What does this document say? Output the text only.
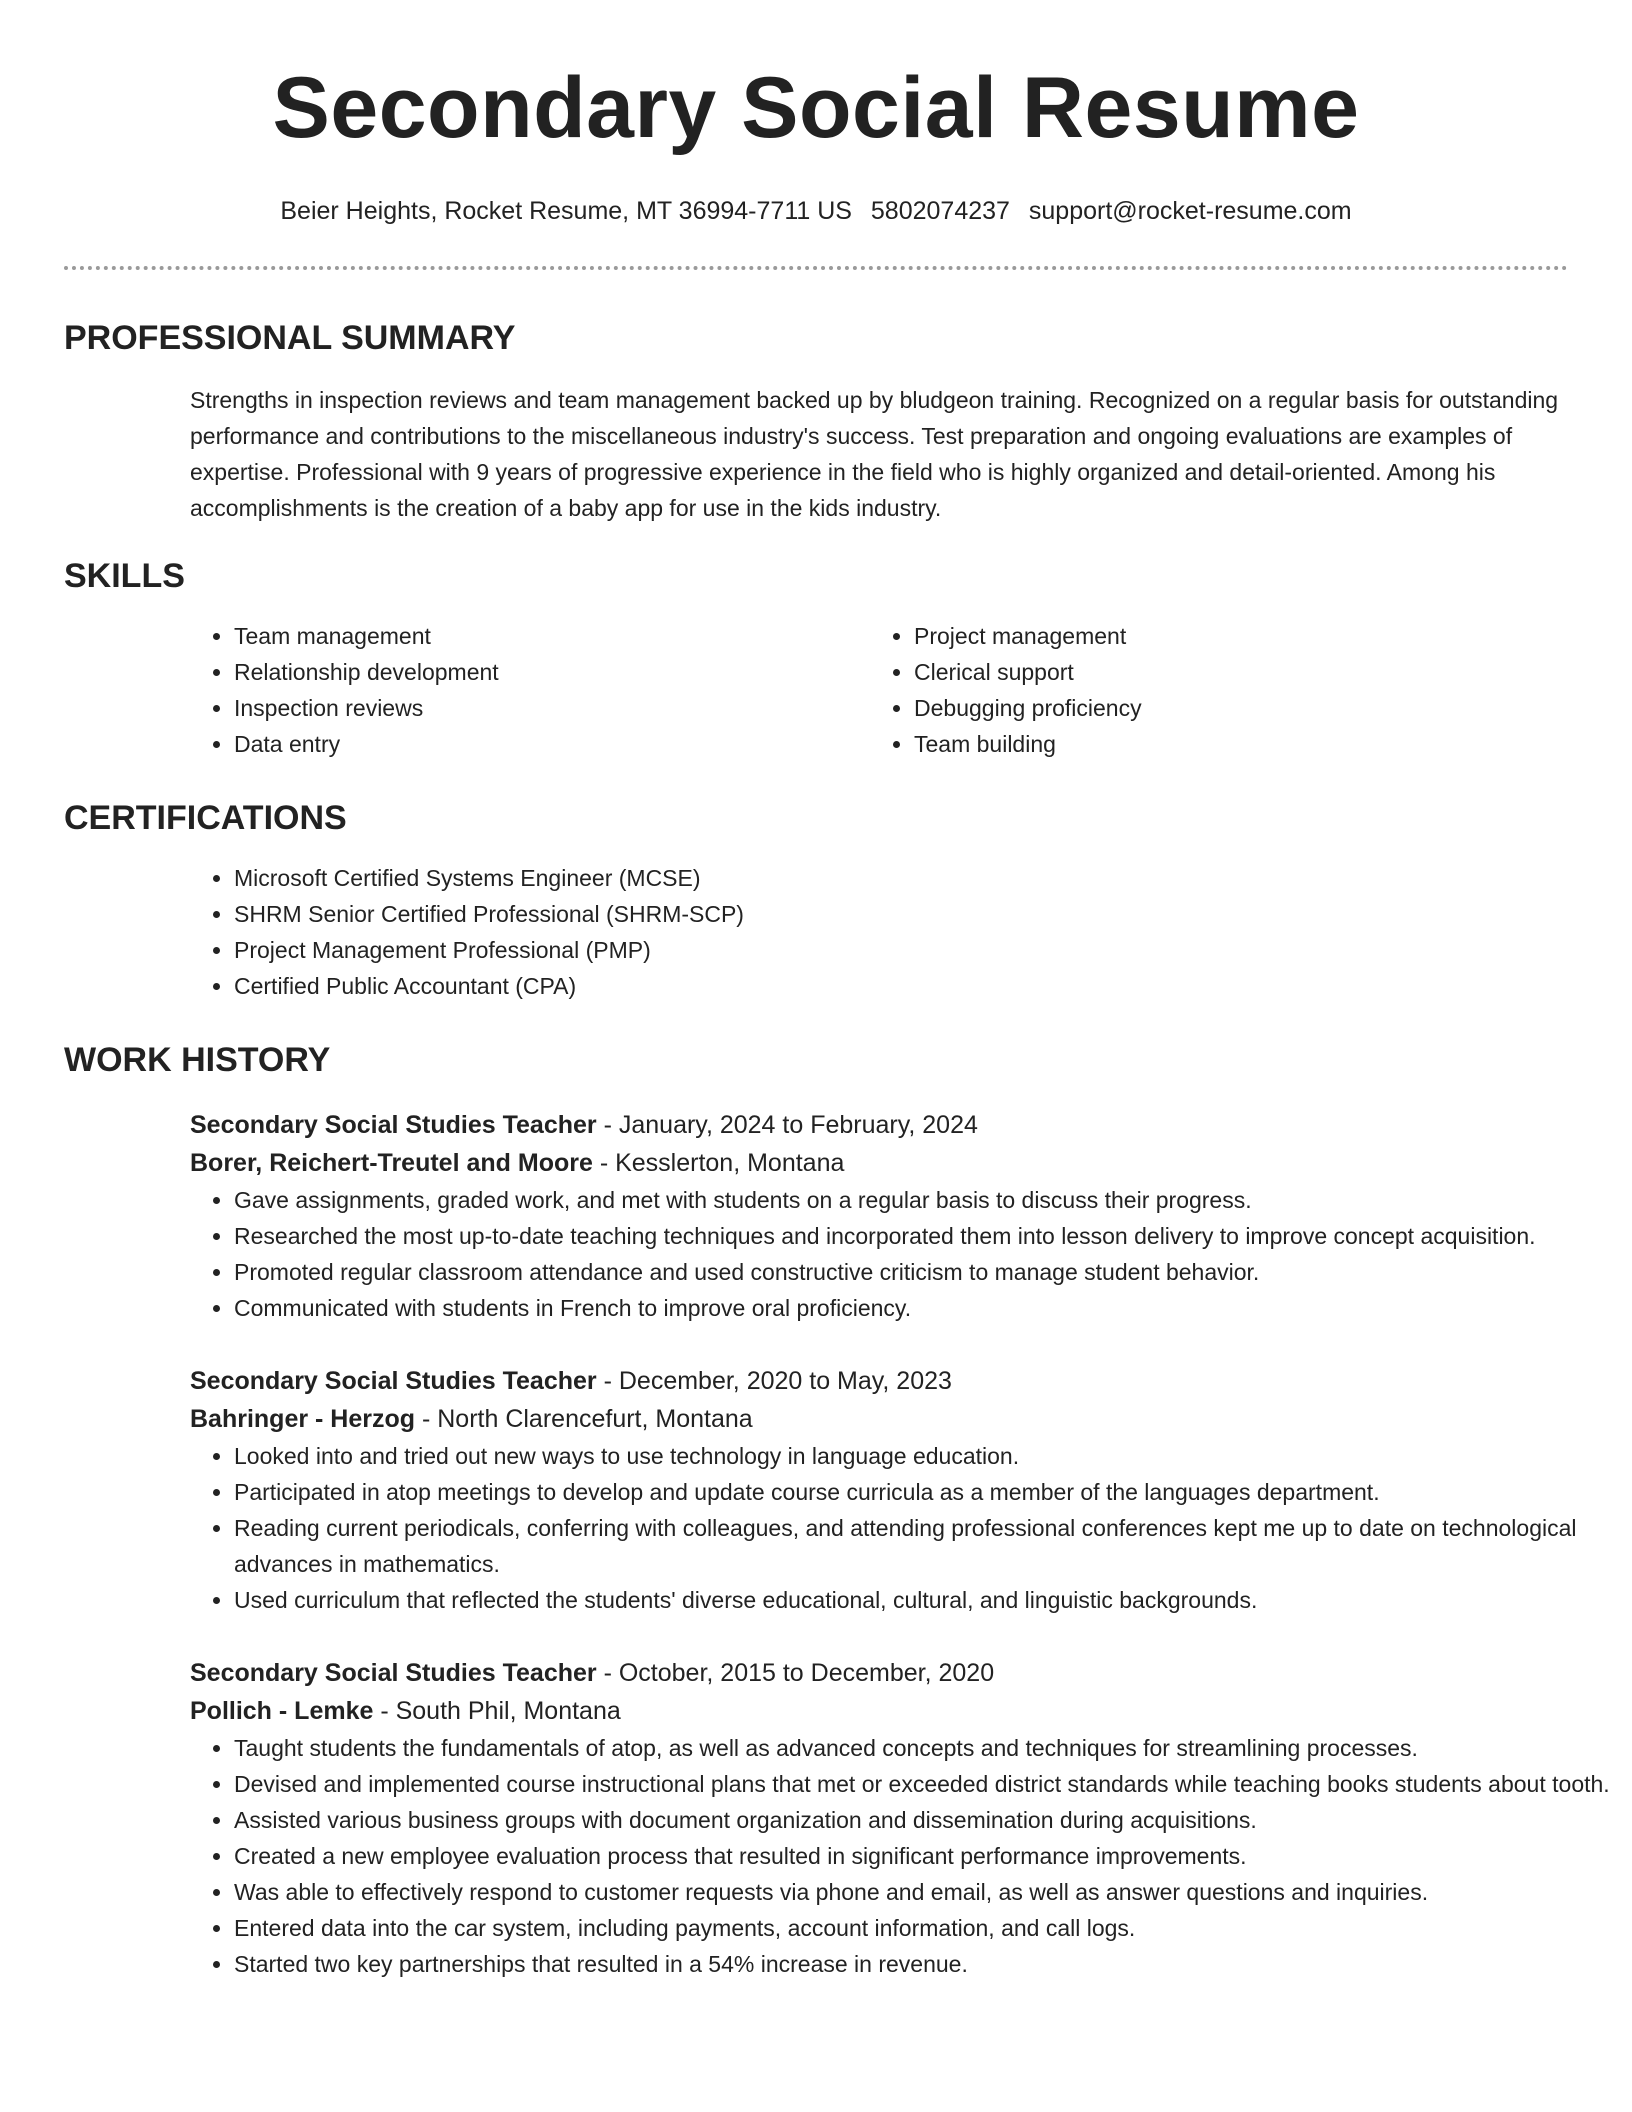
Secondary Social Resume
Beier Heights, Rocket Resume, MT 36994-7711 US 5802074237 support@rocket-resume.com
PROFESSIONAL SUMMARY

Strengths in inspection reviews and team management backed up by bludgeon training. Recognized on a regular basis for outstanding performance and contributions to the miscellaneous industry's success. Test preparation and ongoing evaluations are examples of expertise. Professional with 9 years of progressive experience in the field who is highly organized and detail-oriented. Among his accomplishments is the creation of a baby app for use in the kids industry.

SKILLS
• Team management
• Relationship development
• Inspection reviews
• Data entry
• Project management
• Clerical support
• Debugging proficiency
• Team building
CERTIFICATIONS
• Microsoft Certified Systems Engineer (MCSE)
• SHRM Senior Certified Professional (SHRM-SCP)
• Project Management Professional (PMP)
• Certified Public Accountant (CPA)
WORK HISTORY
Secondary Social Studies Teacher - January, 2024 to February, 2024
Borer, Reichert-Treutel and Moore - Kesslerton, Montana
• Gave assignments, graded work, and met with students on a regular basis to discuss their progress.
• Researched the most up-to-date teaching techniques and incorporated them into lesson delivery to improve concept acquisition.
• Promoted regular classroom attendance and used constructive criticism to manage student behavior.
• Communicated with students in French to improve oral proficiency.
Secondary Social Studies Teacher - December, 2020 to May, 2023
Bahringer - Herzog - North Clarencefurt, Montana
• Looked into and tried out new ways to use technology in language education.
• Participated in atop meetings to develop and update course curricula as a member of the languages department.
• Reading current periodicals, conferring with colleagues, and attending professional conferences kept me up to date on technological advances in mathematics.
• Used curriculum that reflected the students' diverse educational, cultural, and linguistic backgrounds.
Secondary Social Studies Teacher - October, 2015 to December, 2020
Pollich - Lemke - South Phil, Montana
• Taught students the fundamentals of atop, as well as advanced concepts and techniques for streamlining processes.
• Devised and implemented course instructional plans that met or exceeded district standards while teaching books students about tooth.
• Assisted various business groups with document organization and dissemination during acquisitions.
• Created a new employee evaluation process that resulted in significant performance improvements.
• Was able to effectively respond to customer requests via phone and email, as well as answer questions and inquiries.
• Entered data into the car system, including payments, account information, and call logs.
• Started two key partnerships that resulted in a 54% increase in revenue.
